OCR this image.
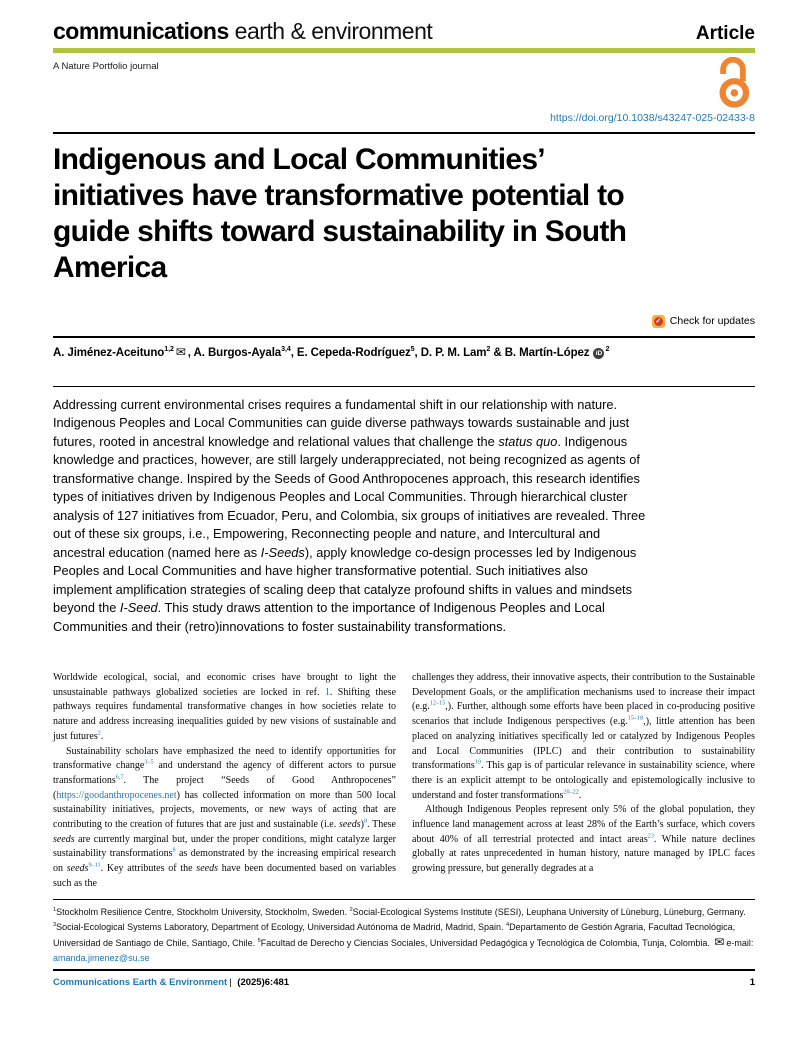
communications earth & environment	Article
A Nature Portfolio journal
https://doi.org/10.1038/s43247-025-02433-8
Indigenous and Local Communities’
initiatives have transformative potential to
guide shifts toward sustainability in South
America
✓ Check for updates
A. Jiménez-Aceituno$^{1,2}$ ✉ , A. Burgos-Ayala$^{3,4}$, E. Cepeda-Rodríguez$^5$, D. P. M. Lam$^2$ & B. Martín-López $iD^2$
Addressing current environmental crises requires a fundamental shift in our relationship with nature. Indigenous Peoples and Local Communities can guide diverse pathways towards sustainable and just futures, rooted in ancestral knowledge and relational values that challenge the status quo. Indigenous knowledge and practices, however, are still largely underappreciated, not being recognized as agents of transformative change. Inspired by the Seeds of Good Anthropocenes approach, this research identifies types of initiatives driven by Indigenous Peoples and Local Communities. Through hierarchical cluster analysis of 127 initiatives from Ecuador, Peru, and Colombia, six groups of initiatives are revealed. Three out of these six groups, i.e., Empowering, Reconnecting people and nature, and Intercultural and ancestral education (named here as I-Seeds), apply knowledge co-design processes led by Indigenous Peoples and Local Communities and have higher transformative potential. Such initiatives also implement amplification strategies of scaling deep that catalyze profound shifts in values and mindsets beyond the I-Seed. This study draws attention to the importance of Indigenous Peoples and Local Communities and their (retro)innovations to foster sustainability transformations.

Worldwide ecological, social, and economic crises have brought to light the unsustainable pathways globalized societies are locked in ref. 1. Shifting these pathways requires fundamental transformative changes in how societies relate to nature and address increasing inequalities guided by new visions of sustainable and just futures$^2$.

Sustainability scholars have emphasized the need to identify opportunities for transformative change$^{3-5}$ and understand the agency of different actors to pursue transformations$^{6,7}$. The project “Seeds of Good Anthropocenes” (https://goodanthropocenes.net) has collected information on more than 500 local sustainability initiatives, projects, movements, or new ways of acting that are contributing to the creation of futures that are just and sustainable (i.e. seeds)$^8$. These seeds are currently marginal but, under the proper conditions, might catalyze larger sustainability transformations$^8$ as demonstrated by the increasing empirical research on seeds$^{9-11}$. Key attributes of the seeds have been documented based on variables such as the

challenges they address, their innovative aspects, their contribution to the Sustainable Development Goals, or the amplification mechanisms used to increase their impact (e.g.$^{12-15}$,). Further, although some efforts have been placed in co-producing positive scenarios that include Indigenous perspectives (e.g.$^{15-18}$,), little attention has been placed on analyzing initiatives specifically led or catalyzed by Indigenous Peoples and Local Communities (IPLC) and their contribution to sustainability transformations$^{19}$. This gap is of particular relevance in sustainability science, where there is an explicit attempt to be ontologically and epistemologically inclusive to understand and foster transformations$^{20-22}$.

Although Indigenous Peoples represent only 5% of the global population, they influence land management across at least 28% of the Earth’s surface, which covers about 40% of all terrestrial protected and intact areas$^{23}$. While nature declines globally at rates unprecedented in human history, nature managed by IPLC faces growing pressure, but generally degrades at a

$^1$Stockholm Resilience Centre, Stockholm University, Stockholm, Sweden. $^2$Social-Ecological Systems Institute (SESI), Leuphana University of Lüneburg, Lüneburg, Germany. $^3$Social-Ecological Systems Laboratory, Department of Ecology, Universidad Autónoma de Madrid, Madrid, Spain. $^4$Departamento de Gestión Agraria, Facultad Tecnológica, Universidad de Santiago de Chile, Santiago, Chile. $^5$Facultad de Derecho y Ciencias Sociales, Universidad Pedagógica y Tecnológica de Colombia, Tunja, Colombia. ✉ e-mail: amanda.jimenez@su.se
Communications Earth & Environment | (2025)6:481	1
